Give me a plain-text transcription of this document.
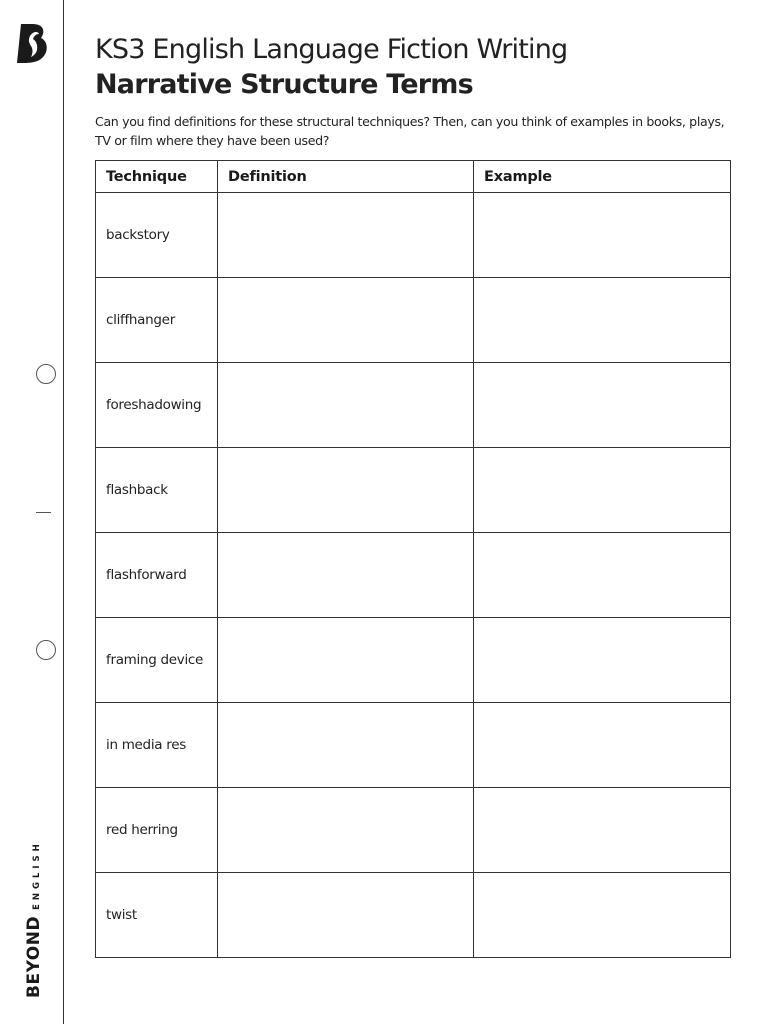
BEYOND
ENGLISH
KS3 English Language Fiction Writing
Narrative Structure Terms
Can you find definitions for these structural techniques? Then, can you think of examples in books, plays, TV or film where they have been used?
Technique	Definition	Example
backstory		
cliffhanger		
foreshadowing		
flashback		
flashforward		
framing device		
in media res		
red herring		
twist		
